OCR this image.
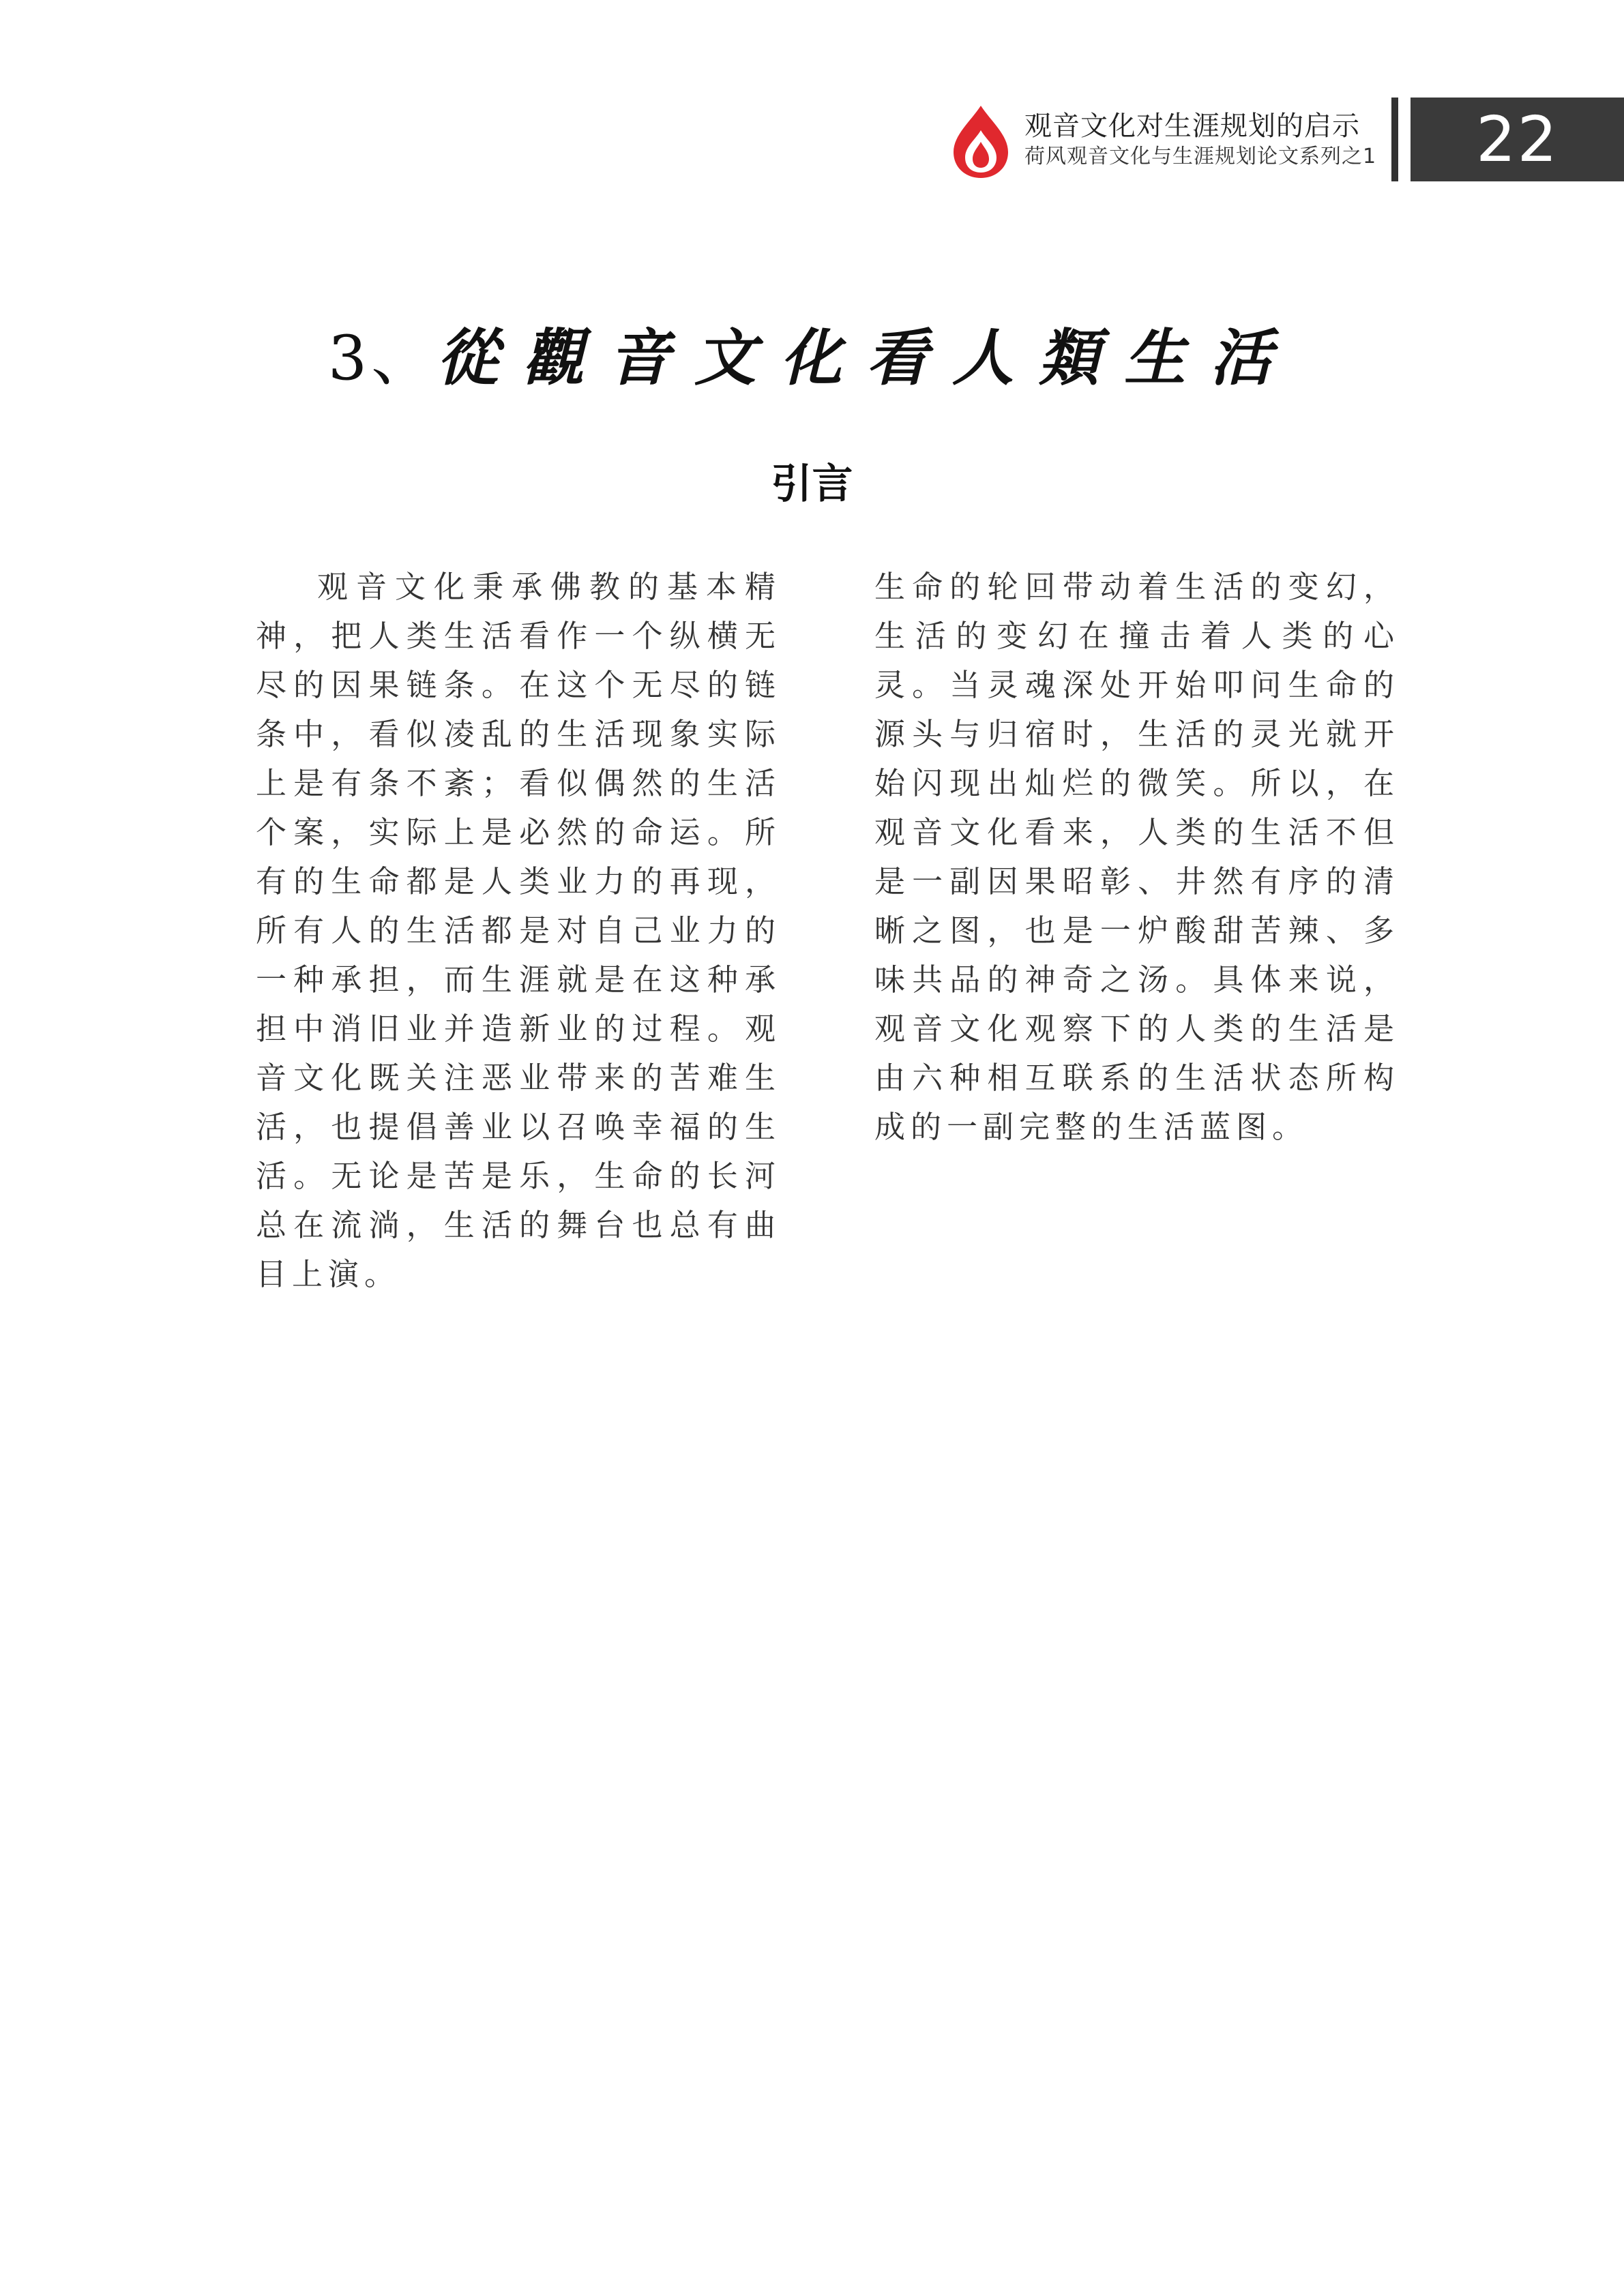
观音文化对生涯规划的启示
荷风观音文化与生涯规划论文系列之1	22
3、從觀音文化看人類生活
引言
观音文化秉承佛教的基本精神，把人类生活看作一个纵横无尽的因果链条。在这个无尽的链条中，看似凌乱的生活现象实际上是有条不紊；看似偶然的生活个案，实际上是必然的命运。所有的生命都是人类业力的再现，所有人的生活都是对自己业力的一种承担，而生涯就是在这种承担中消旧业并造新业的过程。观音文化既关注恶业带来的苦难生活，也提倡善业以召唤幸福的生活。无论是苦是乐，生命的长河总在流淌，生活的舞台也总有曲目上演。
生命的轮回带动着生活的变幻，生活的变幻在撞击着人类的心灵。当灵魂深处开始叩问生命的源头与归宿时，生活的灵光就开始闪现出灿烂的微笑。所以，在观音文化看来，人类的生活不但是一副因果昭彰、井然有序的清晰之图，也是一炉酸甜苦辣、多味共品的神奇之汤。具体来说，观音文化观察下的人类的生活是由六种相互联系的生活状态所构成的一副完整的生活蓝图。
